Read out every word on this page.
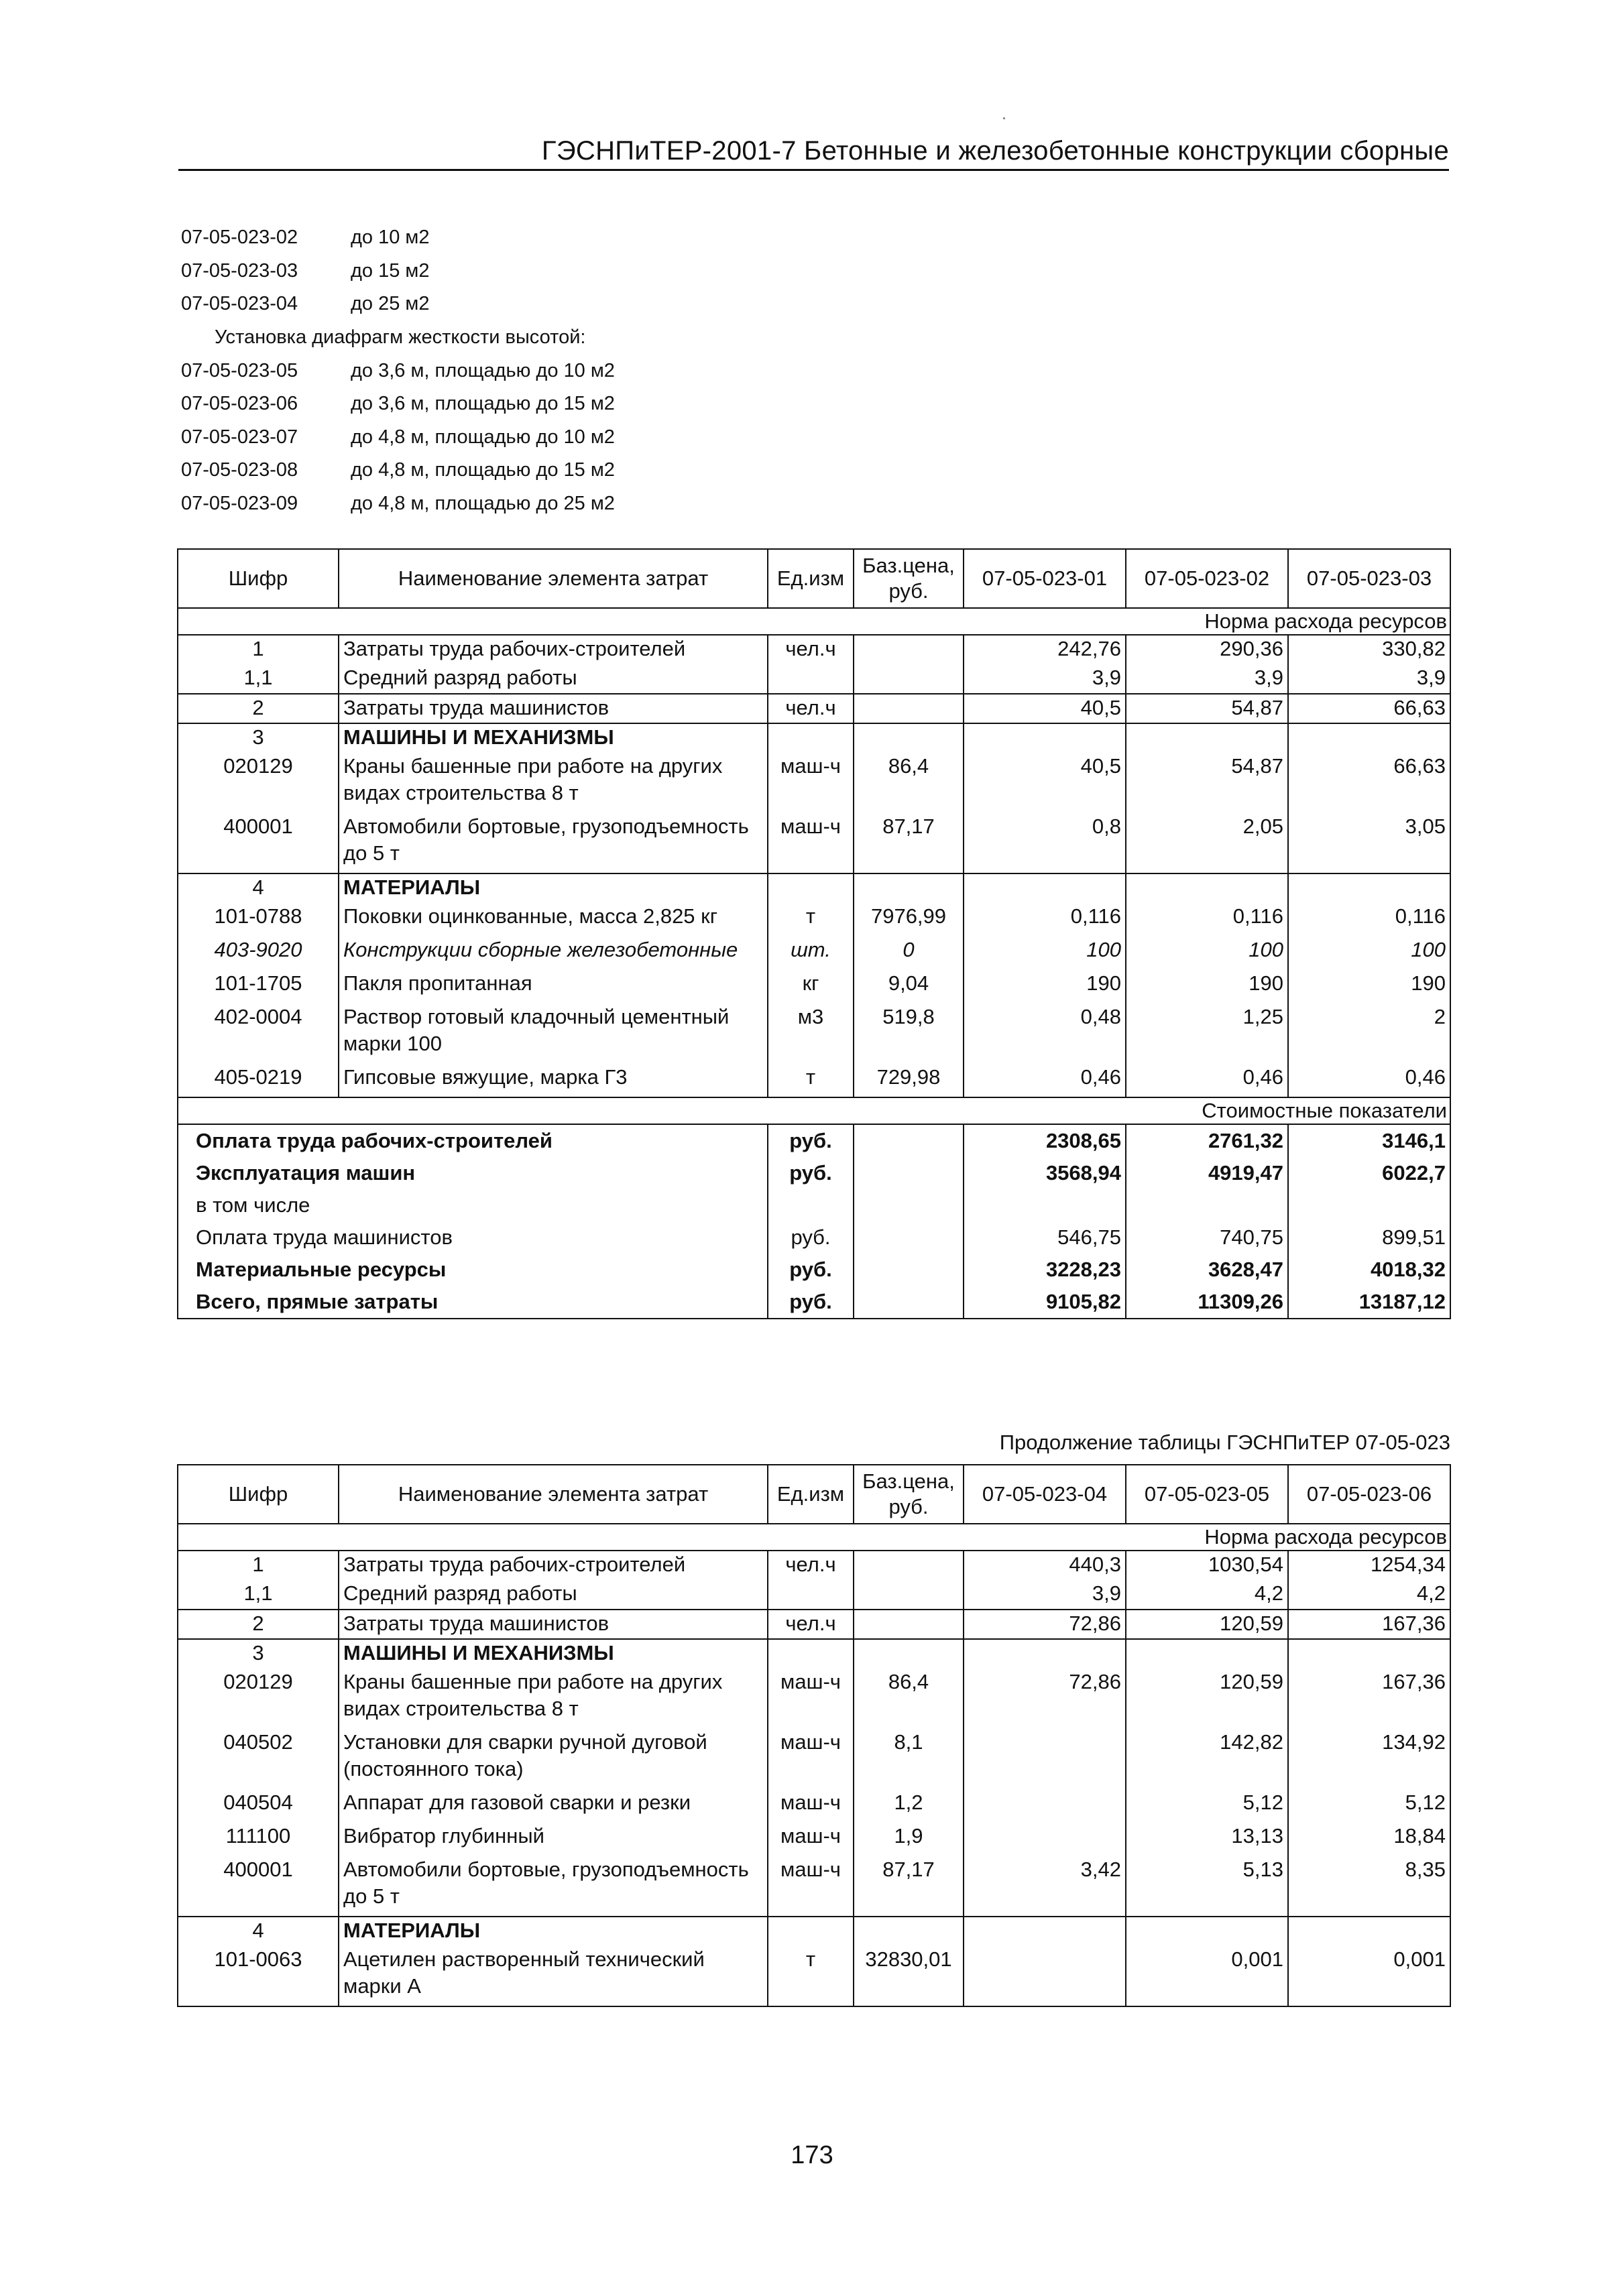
ГЭСНПиТЕР-2001-7 Бетонные и железобетонные конструкции сборные
07-05-023-02	до 10 м2
07-05-023-03	до 15 м2
07-05-023-04	до 25 м2
Установка диафрагм жесткости высотой:
07-05-023-05	до 3,6 м, площадью до 10 м2
07-05-023-06	до 3,6 м, площадью до 15 м2
07-05-023-07	до 4,8 м, площадью до 10 м2
07-05-023-08	до 4,8 м, площадью до 15 м2
07-05-023-09	до 4,8 м, площадью до 25 м2
Шифр	Наименование элемента затрат	Ед.изм	Баз.цена, руб.	07-05-023-01	07-05-023-02	07-05-023-03
Норма расхода ресурсов						
1	Затраты труда рабочих-строителей	чел.ч		242,76	290,36	330,82
1,1	Средний разряд работы			3,9	3,9	3,9
2	Затраты труда машинистов	чел.ч		40,5	54,87	66,63
3	МАШИНЫ И МЕХАНИЗМЫ					
020129	Краны башенные при работе на других видах строительства 8 т	маш-ч	86,4	40,5	54,87	66,63
400001	Автомобили бортовые, грузоподъемность до 5 т	маш-ч	87,17	0,8	2,05	3,05
4	МАТЕРИАЛЫ					
101-0788	Поковки оцинкованные, масса 2,825 кг	т	7976,99	0,116	0,116	0,116
403-9020	Конструкции сборные железобетонные	шт.	0	100	100	100
101-1705	Пакля пропитанная	кг	9,04	190	190	190
402-0004	Раствор готовый кладочный цементный марки 100	м3	519,8	0,48	1,25	2
405-0219	Гипсовые вяжущие, марка Г3	т	729,98	0,46	0,46	0,46
Стоимостные показатели						
Оплата труда рабочих-строителей		руб.		2308,65	2761,32	3146,1
Эксплуатация машин		руб.		3568,94	4919,47	6022,7
в том числе						
Оплата труда машинистов		руб.		546,75	740,75	899,51
Материальные ресурсы		руб.		3228,23	3628,47	4018,32
Всего, прямые затраты		руб.		9105,82	11309,26	13187,12
Продолжение таблицы ГЭСНПиТЕР 07-05-023
Шифр	Наименование элемента затрат	Ед.изм	Баз.цена, руб.	07-05-023-04	07-05-023-05	07-05-023-06
Норма расхода ресурсов						
1	Затраты труда рабочих-строителей	чел.ч		440,3	1030,54	1254,34
1,1	Средний разряд работы			3,9	4,2	4,2
2	Затраты труда машинистов	чел.ч		72,86	120,59	167,36
3	МАШИНЫ И МЕХАНИЗМЫ					
020129	Краны башенные при работе на других видах строительства 8 т	маш-ч	86,4	72,86	120,59	167,36
040502	Установки для сварки ручной дуговой (постоянного тока)	маш-ч	8,1		142,82	134,92
040504	Аппарат для газовой сварки и резки	маш-ч	1,2		5,12	5,12
111100	Вибратор глубинный	маш-ч	1,9		13,13	18,84
400001	Автомобили бортовые, грузоподъемность до 5 т	маш-ч	87,17	3,42	5,13	8,35
4	МАТЕРИАЛЫ					
101-0063	Ацетилен растворенный технический марки А	т	32830,01		0,001	0,001
173
